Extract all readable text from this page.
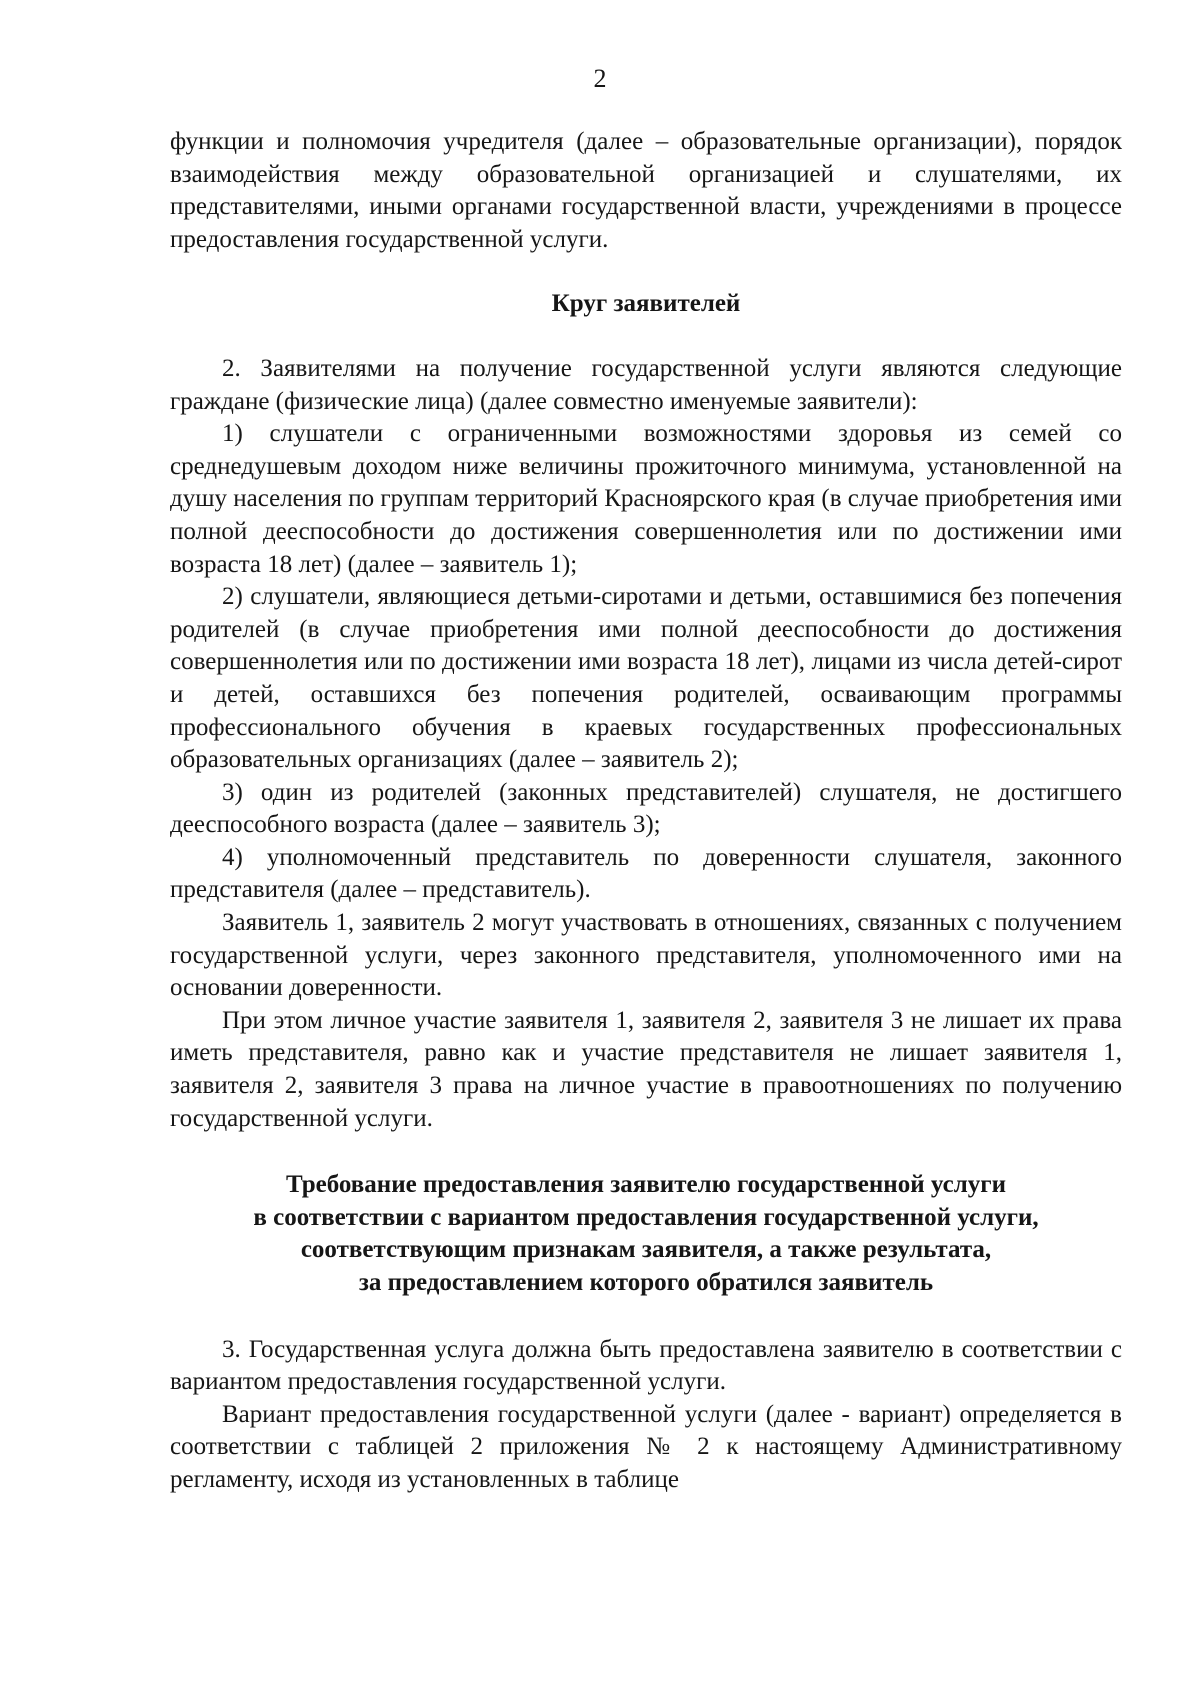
2

функции и полномочия учредителя (далее – образовательные организации), порядок взаимодействия между образовательной организацией и слушателями, их представителями, иными органами государственной власти, учреждениями в процессе предоставления государственной услуги.

Круг заявителей

2. Заявителями на получение государственной услуги являются следующие граждане (физические лица) (далее совместно именуемые заявители):

1) слушатели с ограниченными возможностями здоровья из семей со среднедушевым доходом ниже величины прожиточного минимума, установленной на душу населения по группам территорий Красноярского края (в случае приобретения ими полной дееспособности до достижения совершеннолетия или по достижении ими возраста 18 лет) (далее – заявитель 1);

2) слушатели, являющиеся детьми-сиротами и детьми, оставшимися без попечения родителей (в случае приобретения ими полной дееспособности до достижения совершеннолетия или по достижении ими возраста 18 лет), лицами из числа детей-сирот и детей, оставшихся без попечения родителей, осваивающим программы профессионального обучения в краевых государственных профессиональных образовательных организациях (далее – заявитель 2);

3) один из родителей (законных представителей) слушателя, не достигшего дееспособного возраста (далее – заявитель 3);

4) уполномоченный представитель по доверенности слушателя, законного представителя (далее – представитель).

Заявитель 1, заявитель 2 могут участвовать в отношениях, связанных с получением государственной услуги, через законного представителя, уполномоченного ими на основании доверенности.

При этом личное участие заявителя 1, заявителя 2, заявителя 3 не лишает их права иметь представителя, равно как и участие представителя не лишает заявителя 1, заявителя 2, заявителя 3 права на личное участие в правоотношениях по получению государственной услуги.

Требование предоставления заявителю государственной услуги
в соответствии с вариантом предоставления государственной услуги,
соответствующим признакам заявителя, а также результата,
за предоставлением которого обратился заявитель

3. Государственная услуга должна быть предоставлена заявителю в соответствии с вариантом предоставления государственной услуги.

Вариант предоставления государственной услуги (далее - вариант) определяется в соответствии с таблицей 2 приложения № 2 к настоящему Административному регламенту, исходя из установленных в таблице
